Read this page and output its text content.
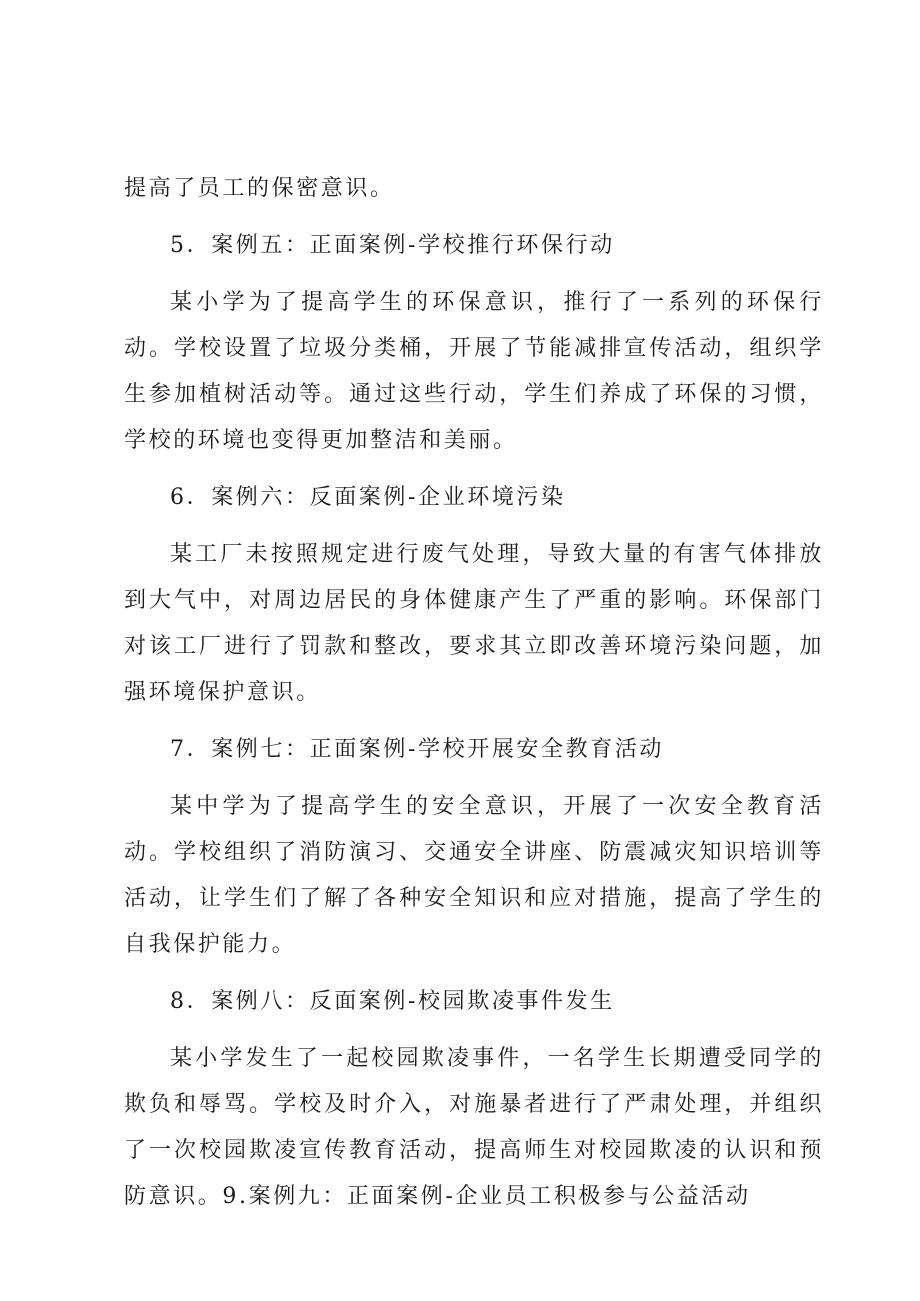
提高了员工的保密意识。

5．案例五：正面案例-学校推行环保行动

某小学为了提高学生的环保意识，推行了一系列的环保行动。学校设置了垃圾分类桶，开展了节能减排宣传活动，组织学生参加植树活动等。通过这些行动，学生们养成了环保的习惯，学校的环境也变得更加整洁和美丽。

6．案例六：反面案例-企业环境污染

某工厂未按照规定进行废气处理，导致大量的有害气体排放到大气中，对周边居民的身体健康产生了严重的影响。环保部门对该工厂进行了罚款和整改，要求其立即改善环境污染问题，加强环境保护意识。

7．案例七：正面案例-学校开展安全教育活动

某中学为了提高学生的安全意识，开展了一次安全教育活动。学校组织了消防演习、交通安全讲座、防震减灾知识培训等活动，让学生们了解了各种安全知识和应对措施，提高了学生的自我保护能力。

8．案例八：反面案例-校园欺凌事件发生

某小学发生了一起校园欺凌事件，一名学生长期遭受同学的欺负和辱骂。学校及时介入，对施暴者进行了严肃处理，并组织了一次校园欺凌宣传教育活动，提高师生对校园欺凌的认识和预防意识。9.案例九：正面案例-企业员工积极参与公益活动
